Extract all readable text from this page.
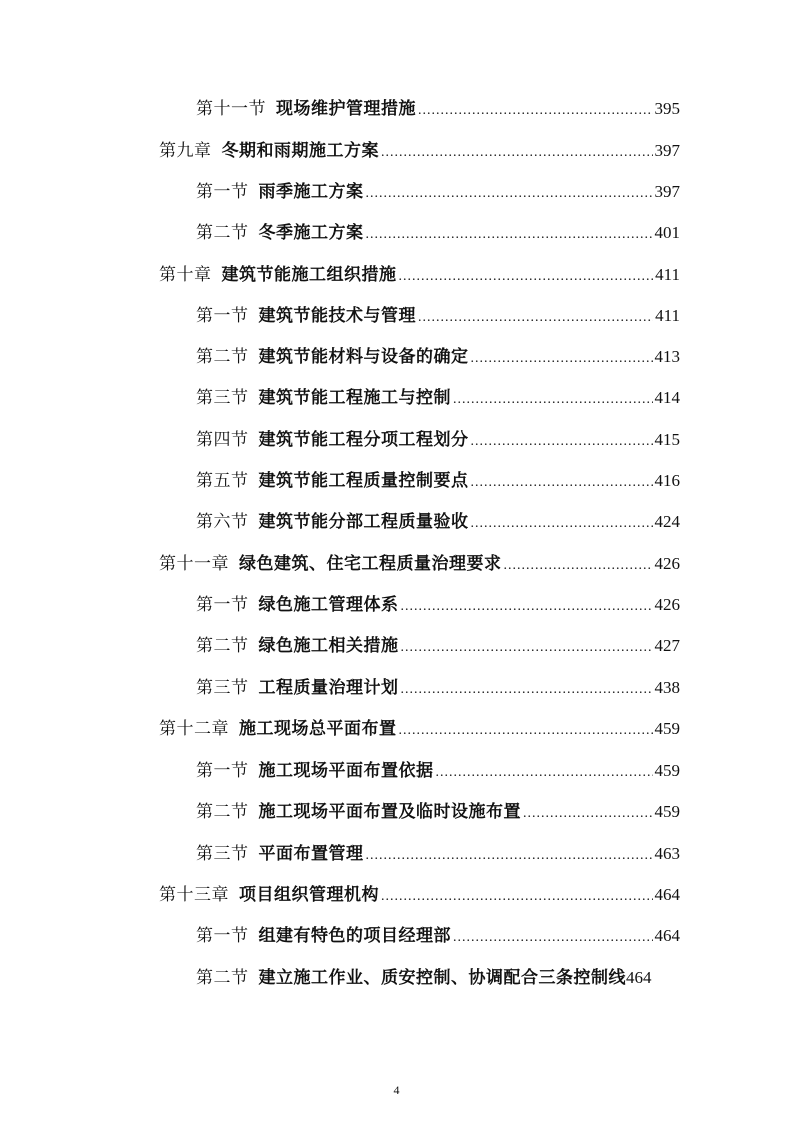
第十一节 现场维护管理措施 .....	395
第九章 冬期和雨期施工方案 .....	397
第一节 雨季施工方案 .....	397
第二节 冬季施工方案 .....	401
第十章 建筑节能施工组织措施 .....	411
第一节 建筑节能技术与管理 .....	411
第二节 建筑节能材料与设备的确定 .....	413
第三节 建筑节能工程施工与控制 .....	414
第四节 建筑节能工程分项工程划分 .....	415
第五节 建筑节能工程质量控制要点 .....	416
第六节 建筑节能分部工程质量验收 .....	424
第十一章 绿色建筑、住宅工程质量治理要求 .....	426
第一节 绿色施工管理体系 .....	426
第二节 绿色施工相关措施 .....	427
第三节 工程质量治理计划 .....	438
第十二章 施工现场总平面布置 .....	459
第一节 施工现场平面布置依据 .....	459
第二节 施工现场平面布置及临时设施布置 .....	459
第三节 平面布置管理 .....	463
第十三章 项目组织管理机构 .....	464
第一节 组建有特色的项目经理部 .....	464
第二节 建立施工作业、质安控制、协调配合三条控制线 464
4
